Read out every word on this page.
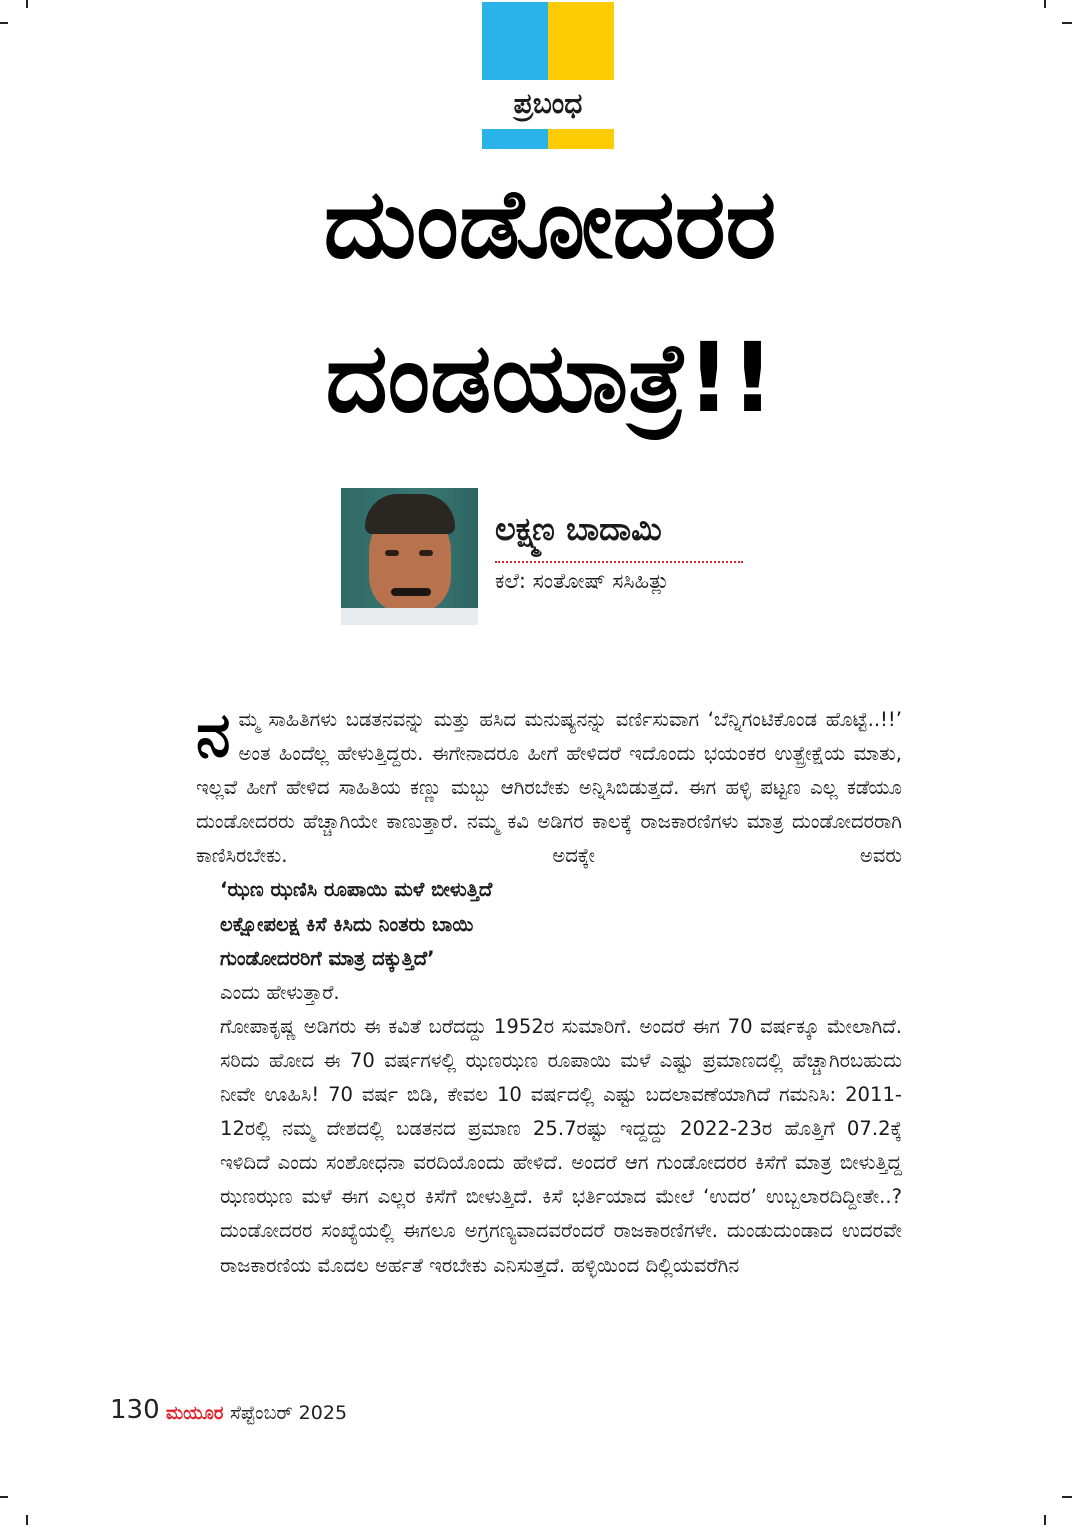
ಪ್ರಬಂಧ
ದುಂಡೋದರರ
ದಂಡಯಾತ್ರೆ!!
ಲಕ್ಷ್ಮಣ ಬಾದಾಮಿ
ಕಲೆ: ಸಂತೋಷ್ ಸಸಿಹಿತ್ಲು

ನಮ್ಮ ಸಾಹಿತಿಗಳು ಬಡತನವನ್ನು ಮತ್ತು ಹಸಿದ ಮನುಷ್ಯನನ್ನು ವರ್ಣಿಸುವಾಗ ‘ಬೆನ್ನಿಗಂಟಿಕೊಂಡ ಹೊಟ್ಟೆ..!!’ ಅಂತ ಹಿಂದೆಲ್ಲ ಹೇಳುತ್ತಿದ್ದರು. ಈಗೇನಾದರೂ ಹೀಗೆ ಹೇಳಿದರೆ ಇದೊಂದು ಭಯಂಕರ ಉತ್ಪ್ರೇಕ್ಷೆಯ ಮಾತು, ಇಲ್ಲವೆ ಹೀಗೆ ಹೇಳಿದ ಸಾಹಿತಿಯ ಕಣ್ಣು ಮಬ್ಬು ಆಗಿರಬೇಕು ಅನ್ನಿಸಿಬಿಡುತ್ತದೆ. ಈಗ ಹಳ್ಳಿ ಪಟ್ಟಣ ಎಲ್ಲ ಕಡೆಯೂ ದುಂಡೋದರರು ಹೆಚ್ಚಾಗಿಯೇ ಕಾಣುತ್ತಾರೆ. ನಮ್ಮ ಕವಿ ಅಡಿಗರ ಕಾಲಕ್ಕೆ ರಾಜಕಾರಣಿಗಳು ಮಾತ್ರ ದುಂಡೋದರರಾಗಿ ಕಾಣಿಸಿರಬೇಕು. ಅದಕ್ಕೇ ಅವರು

‘ಝಣ ಝಣಿಸಿ ರೂಪಾಯಿ ಮಳೆ ಬೀಳುತ್ತಿದೆ
ಲಕ್ಷೋಪಲಕ್ಷ ಕಿಸೆ ಕಿಸಿದು ನಿಂತರು ಬಾಯಿ
ಗುಂಡೋದರರಿಗೆ ಮಾತ್ರ ದಕ್ಕುತ್ತಿದೆ’
ಎಂದು ಹೇಳುತ್ತಾರೆ.

ಗೋಪಾಕೃಷ್ಣ ಅಡಿಗರು ಈ ಕವಿತೆ ಬರೆದದ್ದು 1952ರ ಸುಮಾರಿಗೆ. ಅಂದರೆ ಈಗ 70 ವರ್ಷಕ್ಕೂ ಮೇಲಾಗಿದೆ. ಸರಿದು ಹೋದ ಈ 70 ವರ್ಷಗಳಲ್ಲಿ ಝಣಝಣ ರೂಪಾಯಿ ಮಳೆ ಎಷ್ಟು ಪ್ರಮಾಣದಲ್ಲಿ ಹೆಚ್ಚಾಗಿರಬಹುದು ನೀವೇ ಊಹಿಸಿ! 70 ವರ್ಷ ಬಿಡಿ, ಕೇವಲ 10 ವರ್ಷದಲ್ಲಿ ಎಷ್ಟು ಬದಲಾವಣೆಯಾಗಿದೆ ಗಮನಿಸಿ: 2011-12ರಲ್ಲಿ ನಮ್ಮ ದೇಶದಲ್ಲಿ ಬಡತನದ ಪ್ರಮಾಣ 25.7ರಷ್ಟು ಇದ್ದದ್ದು 2022-23ರ ಹೊತ್ತಿಗೆ 07.2ಕ್ಕೆ ಇಳಿದಿದೆ ಎಂದು ಸಂಶೋಧನಾ ವರದಿಯೊಂದು ಹೇಳಿದೆ. ಅಂದರೆ ಆಗ ಗುಂಡೋದರರ ಕಿಸೆಗೆ ಮಾತ್ರ ಬೀಳುತ್ತಿದ್ದ ಝಣಝಣ ಮಳೆ ಈಗ ಎಲ್ಲರ ಕಿಸೆಗೆ ಬೀಳುತ್ತಿದೆ. ಕಿಸೆ ಭರ್ತಿಯಾದ ಮೇಲೆ ‘ಉದರ’ ಉಬ್ಬಲಾರದಿದ್ದೀತೇ..? ದುಂಡೋದರರ ಸಂಖ್ಯೆಯಲ್ಲಿ ಈಗಲೂ ಅಗ್ರಗಣ್ಯವಾದವರೆಂದರೆ ರಾಜಕಾರಣಿಗಳೇ. ದುಂಡುದುಂಡಾದ ಉದರವೇ ರಾಜಕಾರಣಿಯ ಮೊದಲ ಅರ್ಹತೆ ಇರಬೇಕು ಎನಿಸುತ್ತದೆ. ಹಳ್ಳಿಯಿಂದ ದಿಲ್ಲಿಯವರೆಗಿನ

130 ಮಯೂರ ಸೆಪ್ಟೆಂಬರ್ 2025
